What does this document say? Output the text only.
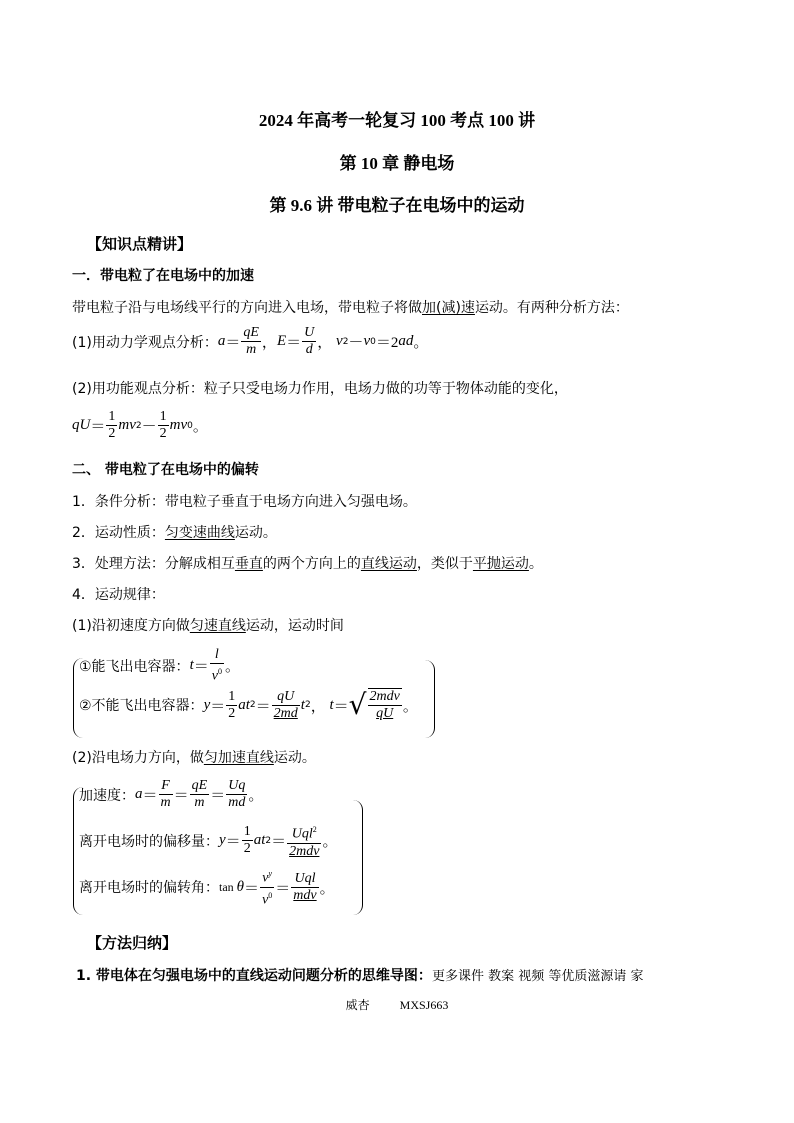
2024 年高考一轮复习 100 考点 100 讲
第 10 章 静电场
第 9.6 讲 带电粒子在电场中的运动
【知识点精讲】
一．带电粒了在电场中的加速
带电粒子沿与电场线平行的方向进入电场，带电粒子将做加(减)速运动。有两种分析方法：
(1)用动力学观点分析： $a = \frac{qE}{m}$ ， $E = \frac{U}{d}$ ， v 2 － v 0 ＝2 ad 。
(2)用功能观点分析：粒子只受电场力作用，电场力做的功等于物体动能的变化，
qU ＝ $\frac{1}{2}$ mv $2 - \frac{1}{2}$ mv 0 。
二、 带电粒了在电场中的偏转
1．条件分析：带电粒子垂直于电场方向进入匀强电场。
2．运动性质：匀变速曲线运动。
3．处理方法：分解成相互垂直的两个方向上的直线运动，类似于平抛运动。
4．运动规律：
(1)沿初速度方向做匀速直线运动，运动时间
①能飞出电容器： $t = \frac{l}{v^0}$ 。
②不能飞出电容器： $y = \frac{1}{2}$ at $2 = \frac{qU}{2md}$ t 2 ， t ＝ √ $\frac{\text{2mdv}}{qU}$ 。
(2)沿电场力方向，做匀加速直线运动。
加速度： $a = \frac{F}{m} = \frac{qE}{m} = \frac{Uq}{md}$ 。
离开电场时的偏移量： $y = \frac{1}{2}$ at $2 = \frac{Uql^2}{\text{2mdv}}$ 。
离开电场时的偏转角： $\tan \theta = \frac{v^y}{v^0} = \frac{\text{Uql}}{\text{mdv}}$ 。
【方法归纳】
1. 带电体在匀强电场中的直线运动问题分析的思维导图：更多课件 教案 视频 等优质滋源请 家
威杏          MXSJ663
